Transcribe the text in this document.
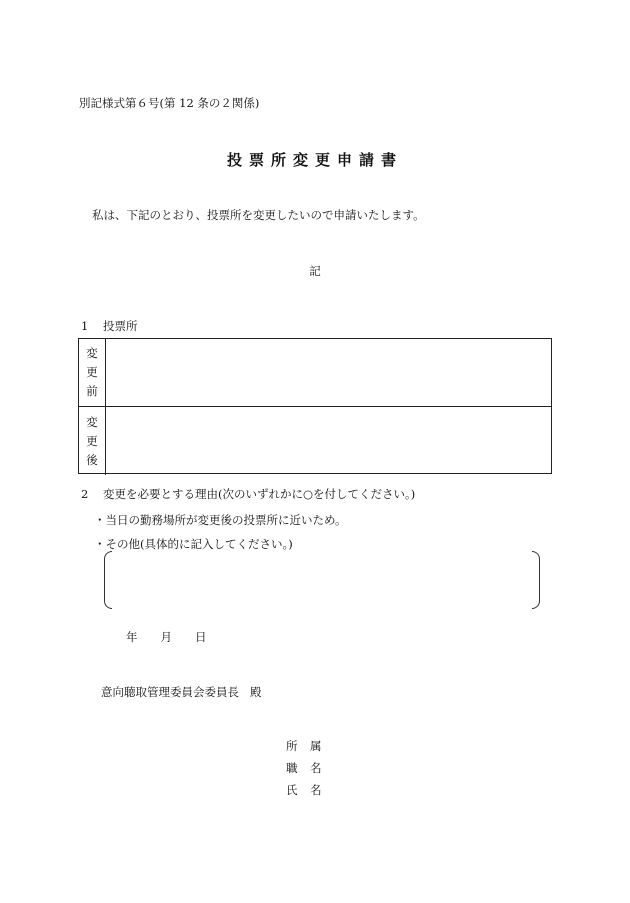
別記様式第６号(第 12 条の２関係)
投票所変更申請書
私は、下記のとおり、投票所を変更したいので申請いたします。
記
1 投票所
変
更
前
変
更
後
2 変更を必要とする理由(次のいずれかに○を付してください。)
・当日の勤務場所が変更後の投票所に近いため。
・その他(具体的に記入してください。)
年 月 日
意向聴取管理委員会委員長 殿
所 属
職 名
氏 名
